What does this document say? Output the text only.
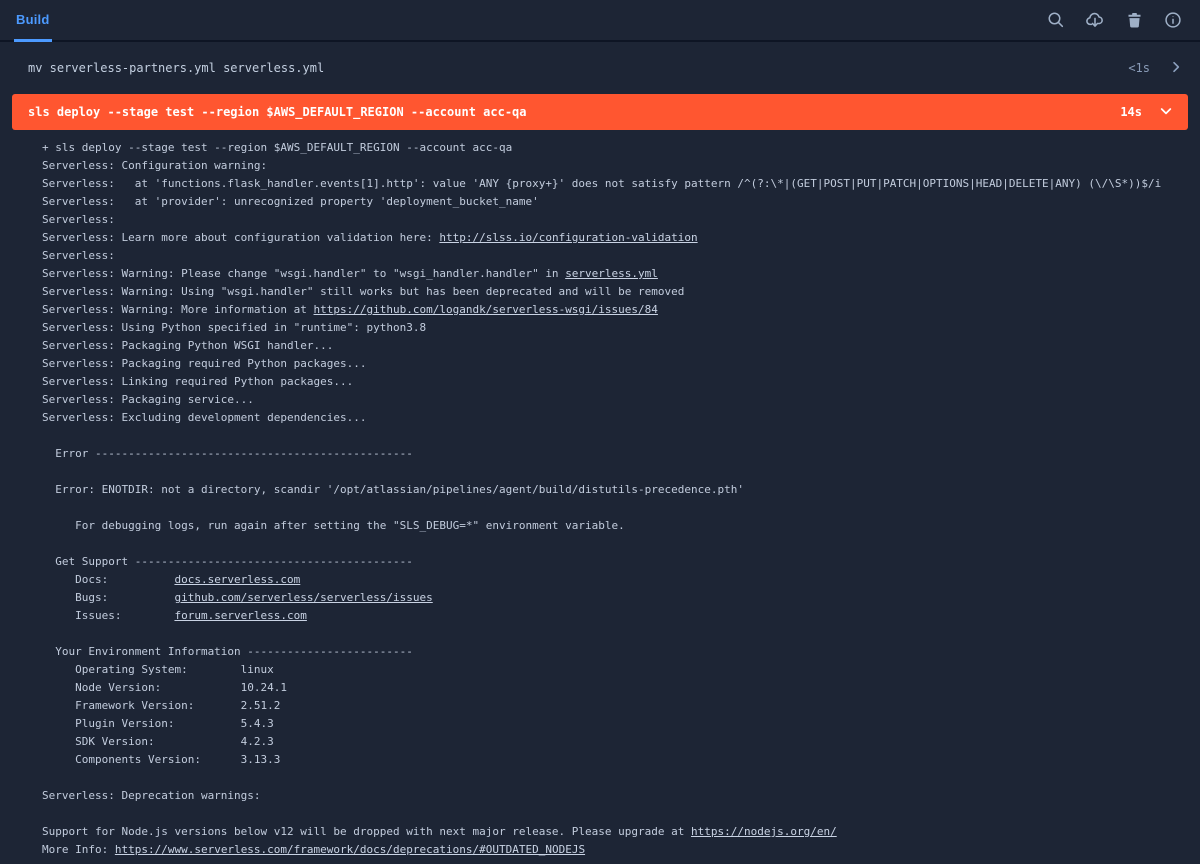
Build
mv serverless-partners.yml serverless.yml	<1s
sls deploy --stage test --region $AWS_DEFAULT_REGION --account acc-qa	14s
+ sls deploy --stage test --region $AWS_DEFAULT_REGION --account acc-qa
Serverless: Configuration warning:
Serverless:   at 'functions.flask_handler.events[1].http': value 'ANY {proxy+}' does not satisfy pattern /^(?:\*|(GET|POST|PUT|PATCH|OPTIONS|HEAD|DELETE|ANY) (\/\S*))$/i
Serverless:   at 'provider': unrecognized property 'deployment_bucket_name'
Serverless:
Serverless: Learn more about configuration validation here: http://slss.io/configuration-validation
Serverless:
Serverless: Warning: Please change "wsgi.handler" to "wsgi_handler.handler" in serverless.yml
Serverless: Warning: Using "wsgi.handler" still works but has been deprecated and will be removed
Serverless: Warning: More information at https://github.com/logandk/serverless-wsgi/issues/84
Serverless: Using Python specified in "runtime": python3.8
Serverless: Packaging Python WSGI handler...
Serverless: Packaging required Python packages...
Serverless: Linking required Python packages...
Serverless: Packaging service...
Serverless: Excluding development dependencies...
Error ------------------------------------------------
Error: ENOTDIR: not a directory, scandir '/opt/atlassian/pipelines/agent/build/distutils-precedence.pth'
For debugging logs, run again after setting the "SLS_DEBUG=*" environment variable.
Get Support ------------------------------------------
Docs:          docs.serverless.com
Bugs:          github.com/serverless/serverless/issues
Issues:        forum.serverless.com
Your Environment Information -------------------------
Operating System:        linux
Node Version:            10.24.1
Framework Version:       2.51.2
Plugin Version:          5.4.3
SDK Version:             4.2.3
Components Version:      3.13.3
Serverless: Deprecation warnings:
Support for Node.js versions below v12 will be dropped with next major release. Please upgrade at https://nodejs.org/en/
More Info: https://www.serverless.com/framework/docs/deprecations/#OUTDATED_NODEJS
